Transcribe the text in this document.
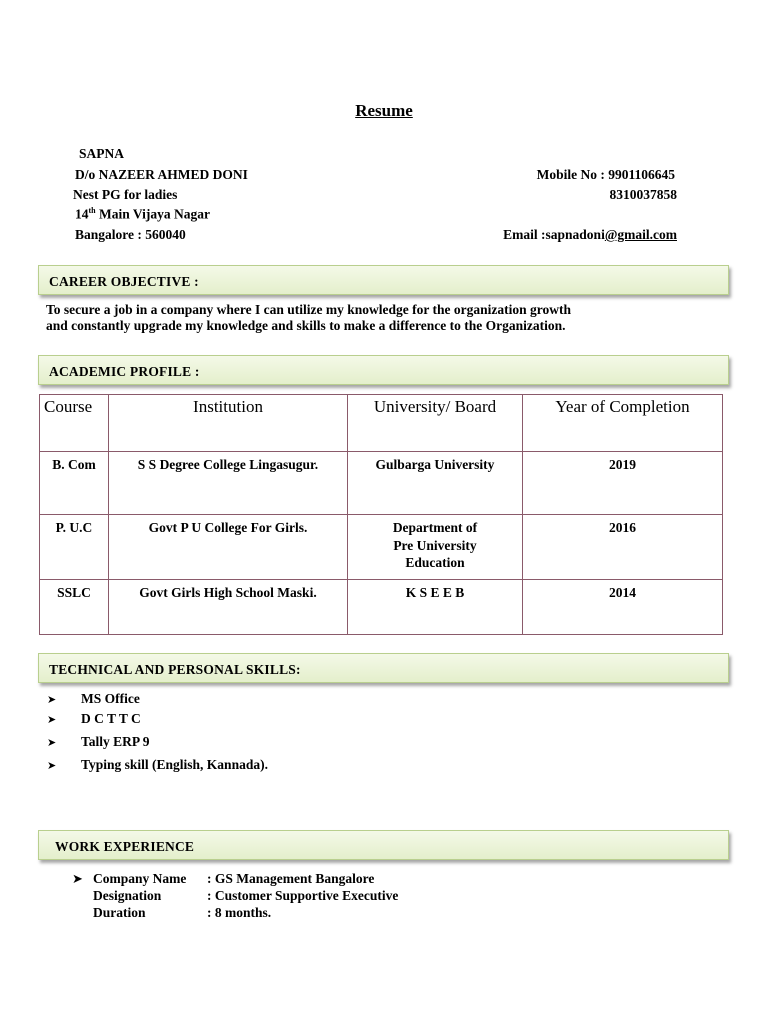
Resume
SAPNA
D/o NAZEER AHMED DONI
Nest PG for ladies
14th Main Vijaya Nagar
Bangalore : 560040
Mobile No : 9901106645
8310037858
Email :sapnadoni@gmail.com
CAREER OBJECTIVE :
To secure a job in a company where I can utilize my knowledge for the organization growth
and constantly upgrade my knowledge and skills to make a difference to the Organization.
ACADEMIC PROFILE :
Course	Institution	University/ Board	Year of Completion
B. Com	S S Degree College Lingasugur.	Gulbarga University	2019
P. U.C	Govt P U College For Girls.	Department of
Pre University
Education	2016
SSLC	Govt Girls High School Maski.	K S E E B	2014
TECHNICAL AND PERSONAL SKILLS:
➤ MS Office
➤ D C T T C
➤ Tally ERP 9
➤ Typing skill (English, Kannada).
WORK EXPERIENCE
➤ Company Name : GS Management Bangalore
Designation	: Customer Supportive Executive
Duration	: 8 months.
